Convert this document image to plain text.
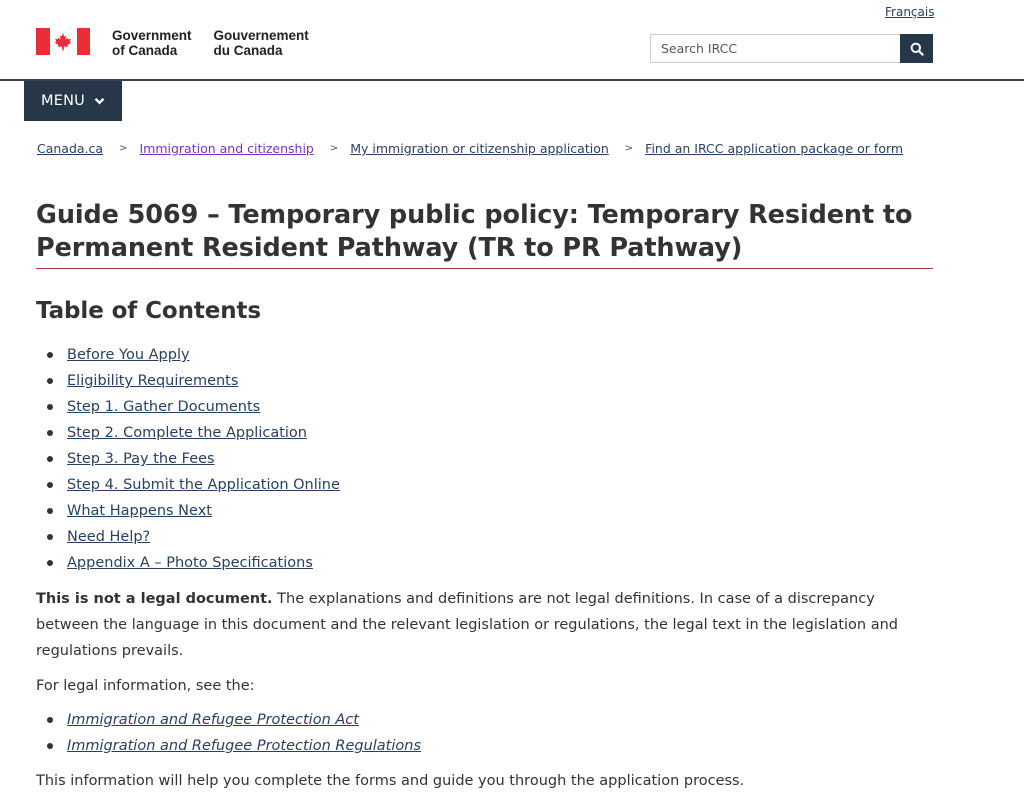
Français
Government
of Canada
Gouvernement
du Canada
Search IRCC
MENU
Canada.ca > Immigration and citizenship > My immigration or citizenship application > Find an IRCC application package or form
Guide 5069 – Temporary public policy: Temporary Resident to Permanent Resident Pathway (TR to PR Pathway)
Table of Contents
Before You Apply
Eligibility Requirements
Step 1. Gather Documents
Step 2. Complete the Application
Step 3. Pay the Fees
Step 4. Submit the Application Online
What Happens Next
Need Help?
Appendix A – Photo Specifications

This is not a legal document. The explanations and definitions are not legal definitions. In case of a discrepancy between the language in this document and the relevant legislation or regulations, the legal text in the legislation and regulations prevails.

For legal information, see the:

Immigration and Refugee Protection Act
Immigration and Refugee Protection Regulations

This information will help you complete the forms and guide you through the application process.
